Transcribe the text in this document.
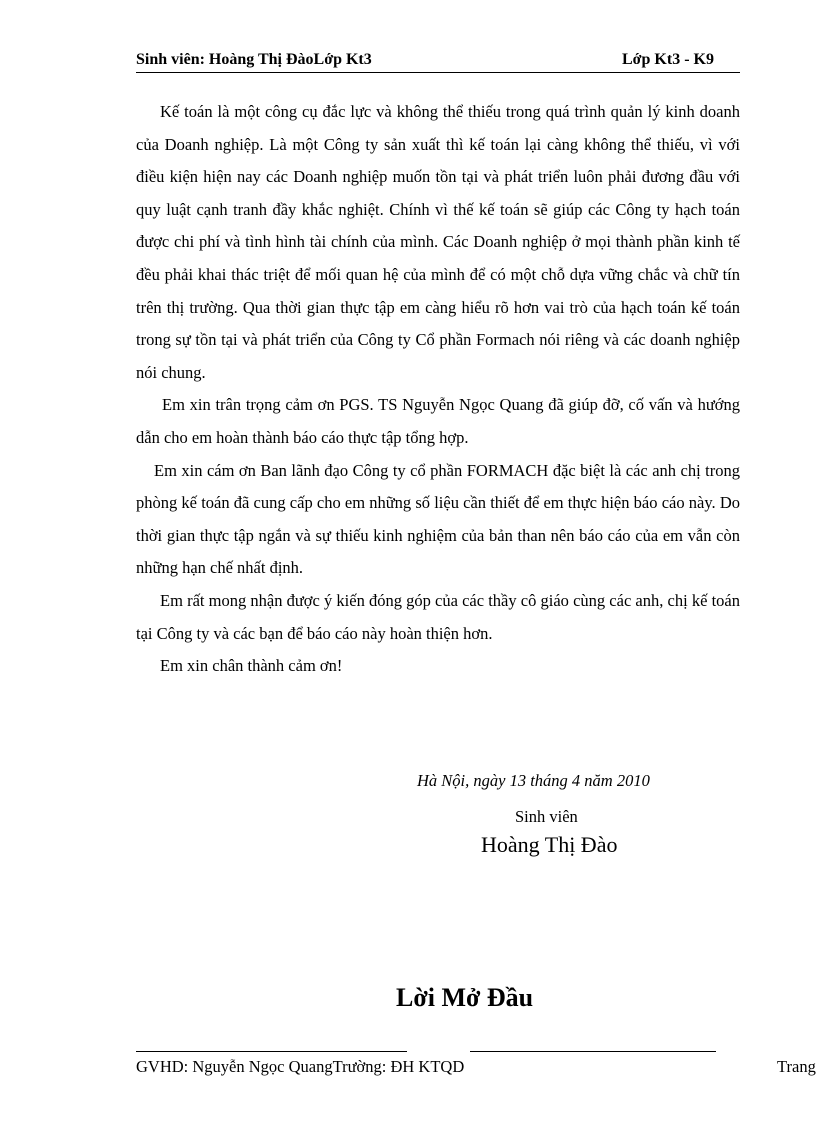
Sinh viên: Hoàng Thị ĐàoLớp Kt3	Lớp Kt3 - K9

Kế toán là một công cụ đắc lực và không thể thiếu trong quá trình quản lý kinh doanh của Doanh nghiệp. Là một Công ty sản xuất thì kế toán lại càng không thể thiếu, vì với điều kiện hiện nay các Doanh nghiệp muốn tồn tại và phát triển luôn phải đương đầu với quy luật cạnh tranh đầy khắc nghiệt. Chính vì thế kế toán sẽ giúp các Công ty hạch toán được chi phí và tình hình tài chính của mình. Các Doanh nghiệp ở mọi thành phần kinh tế đều phải khai thác triệt để mối quan hệ của mình để có một chỗ dựa vững chắc và chữ tín trên thị trường. Qua thời gian thực tập em càng hiểu rõ hơn vai trò của hạch toán kế toán trong sự tồn tại và phát triển của Công ty Cổ phần Formach nói riêng và các doanh nghiệp nói chung.

Em xin trân trọng cảm ơn PGS. TS Nguyễn Ngọc Quang đã giúp đỡ, cố vấn và hướng dẫn cho em hoàn thành báo cáo thực tập tổng hợp.

Em xin cám ơn Ban lãnh đạo Công ty cổ phần FORMACH đặc biệt là các anh chị trong phòng kế toán đã cung cấp cho em những số liệu cần thiết để em thực hiện báo cáo này. Do thời gian thực tập ngắn và sự thiếu kinh nghiệm của bản than nên báo cáo của em vẫn còn những hạn chế nhất định.

Em rất mong nhận được ý kiến đóng góp của các thầy cô giáo cùng các anh, chị kế toán tại Công ty và các bạn để báo cáo này hoàn thiện hơn.

Em xin chân thành cảm ơn!

Hà Nội, ngày 13 tháng 4 năm 2010
Sinh viên
Hoàng Thị Đào
Lời Mở Đầu
GVHD: Nguyễn Ngọc QuangTrường: ĐH KTQD	Trang
